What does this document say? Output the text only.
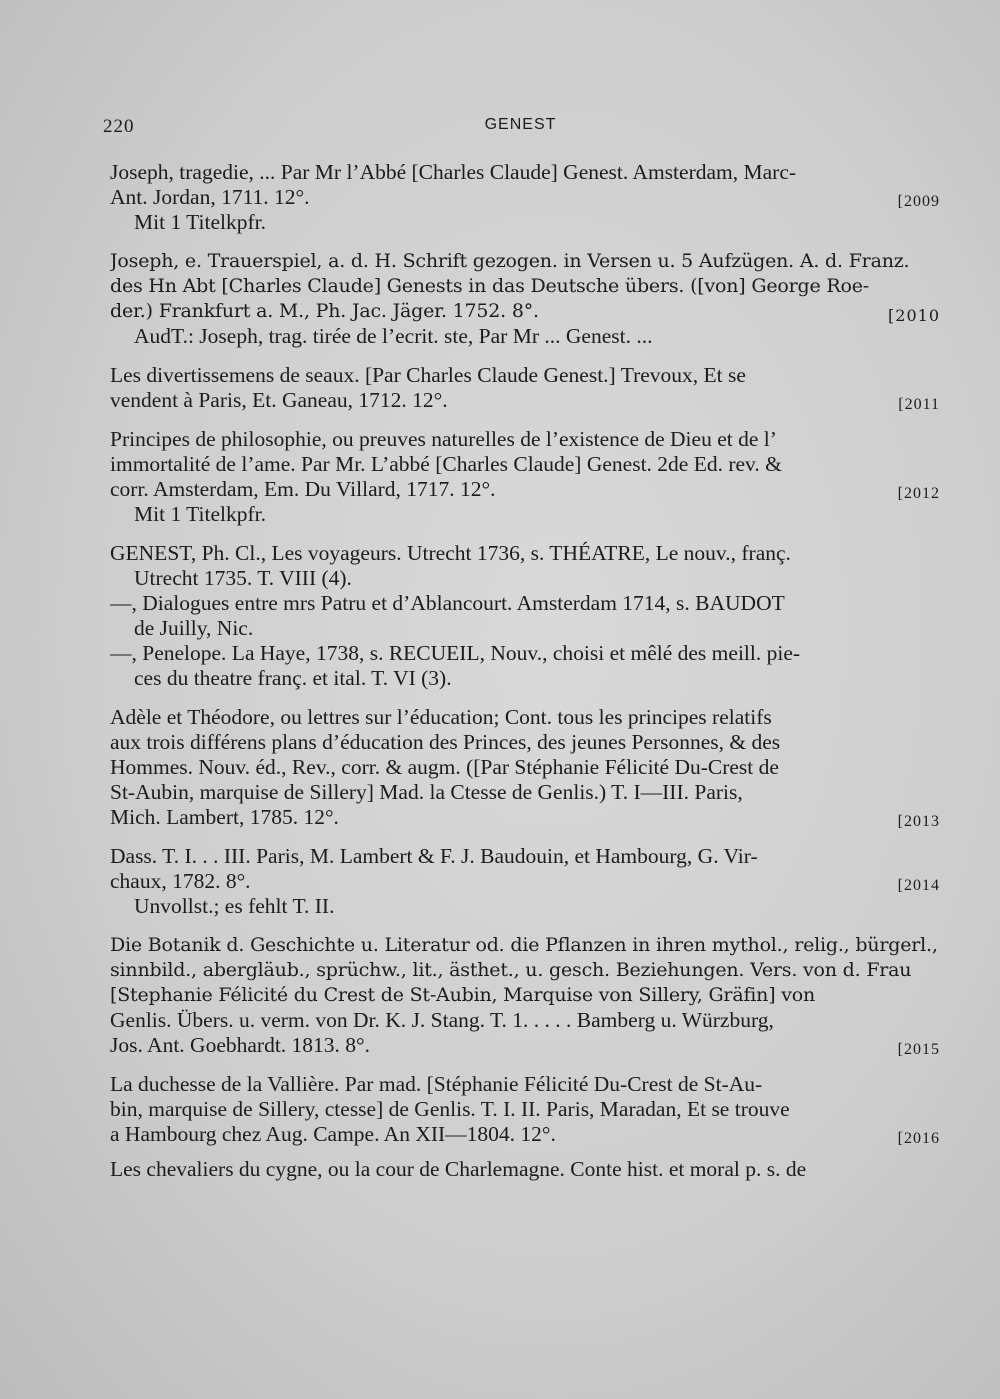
220	GENEST
Joseph, tragedie, ... Par Mr l’Abbé [Charles Claude] Genest. Amsterdam, Marc-
Ant. Jordan, 1711. 12°.	[2009
Mit 1 Titelkpfr.
Joseph, e. Trauerspiel, a. d. H. Schrift gezogen. in Versen u. 5 Aufzügen. A. d. Franz.
des Hn Abt [Charles Claude] Genests in das Deutsche übers. ([von] George Roe-
der.) Frankfurt a. M., Ph. Jac. Jäger. 1752. 8°.	[2010
AudT.: Joseph, trag. tirée de l’ecrit. ste, Par Mr ... Genest. ...
Les divertissemens de seaux. [Par Charles Claude Genest.] Trevoux, Et se
vendent à Paris, Et. Ganeau, 1712. 12°.	[2011
Principes de philosophie, ou preuves naturelles de l’existence de Dieu et de l’
immortalité de l’ame. Par Mr. L’abbé [Charles Claude] Genest. 2de Ed. rev. &
corr. Amsterdam, Em. Du Villard, 1717. 12°.	[2012
Mit 1 Titelkpfr.
GENEST, Ph. Cl., Les voyageurs. Utrecht 1736, s. THÉATRE, Le nouv., franç.
Utrecht 1735. T. VIII (4).
—, Dialogues entre mrs Patru et d’Ablancourt. Amsterdam 1714, s. BAUDOT
de Juilly, Nic.
—, Penelope. La Haye, 1738, s. RECUEIL, Nouv., choisi et mêlé des meill. pie-
ces du theatre franç. et ital. T. VI (3).
Adèle et Théodore, ou lettres sur l’éducation; Cont. tous les principes relatifs
aux trois différens plans d’éducation des Princes, des jeunes Personnes, & des
Hommes. Nouv. éd., Rev., corr. & augm. ([Par Stéphanie Félicité Du-Crest de
St-Aubin, marquise de Sillery] Mad. la Ctesse de Genlis.) T. I—III. Paris,
Mich. Lambert, 1785. 12°.	[2013
Dass. T. I. . . III. Paris, M. Lambert & F. J. Baudouin, et Hambourg, G. Vir-
chaux, 1782. 8°.	[2014
Unvollst.; es fehlt T. II.
Die Botanik d. Geschichte u. Literatur od. die Pflanzen in ihren mythol., relig., bürgerl.,
sinnbild., abergläub., sprüchw., lit., ästhet., u. gesch. Beziehungen. Vers. von d. Frau
[Stephanie Félicité du Crest de St-Aubin, Marquise von Sillery, Gräfin] von
Genlis. Übers. u. verm. von Dr. K. J. Stang. T. 1. . . . . Bamberg u. Würzburg,
Jos. Ant. Goebhardt. 1813. 8°.	[2015
La duchesse de la Vallière. Par mad. [Stéphanie Félicité Du-Crest de St-Au-
bin, marquise de Sillery, ctesse] de Genlis. T. I. II. Paris, Maradan, Et se trouve
a Hambourg chez Aug. Campe. An XII—1804. 12°.	[2016
Les chevaliers du cygne, ou la cour de Charlemagne. Conte hist. et moral p. s. de
